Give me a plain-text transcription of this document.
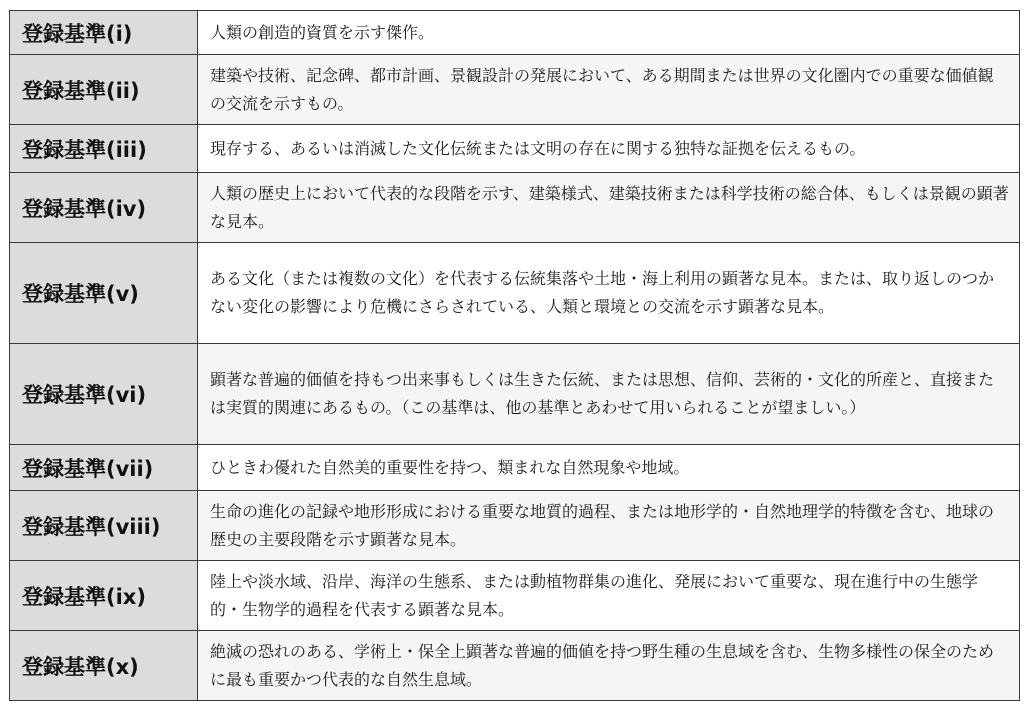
登録基準(ⅰ)	人類の創造的資質を示す傑作。
登録基準(ii)	建築や技術、記念碑、都市計画、景観設計の発展において、ある期間または世界の文化圏内での重要な価値観の交流を示すもの。
登録基準(iii)	現存する、あるいは消滅した文化伝統または文明の存在に関する独特な証拠を伝えるもの。
登録基準(iv)	人類の歴史上において代表的な段階を示す、建築様式、建築技術または科学技術の総合体、もしくは景観の顕著な見本。
登録基準(ⅴ)	ある文化（または複数の文化）を代表する伝統集落や土地・海上利用の顕著な見本。または、取り返しのつかない変化の影響により危機にさらされている、人類と環境との交流を示す顕著な見本。
登録基準(vi)	顕著な普遍的価値を持もつ出来事もしくは生きた伝統、または思想、信仰、芸術的・文化的所産と、直接または実質的関連にあるもの。（この基準は、他の基準とあわせて用いられることが望ましい。）
登録基準(vii)	ひときわ優れた自然美的重要性を持つ、類まれな自然現象や地域。
登録基準(viii)	生命の進化の記録や地形形成における重要な地質的過程、または地形学的・自然地理学的特徴を含む、地球の歴史の主要段階を示す顕著な見本。
登録基準(ix)	陸上や淡水域、沿岸、海洋の生態系、または動植物群集の進化、発展において重要な、現在進行中の生態学的・生物学的過程を代表する顕著な見本。
登録基準(ⅹ)	絶滅の恐れのある、学術上・保全上顕著な普遍的価値を持つ野生種の生息域を含む、生物多様性の保全のために最も重要かつ代表的な自然生息域。
